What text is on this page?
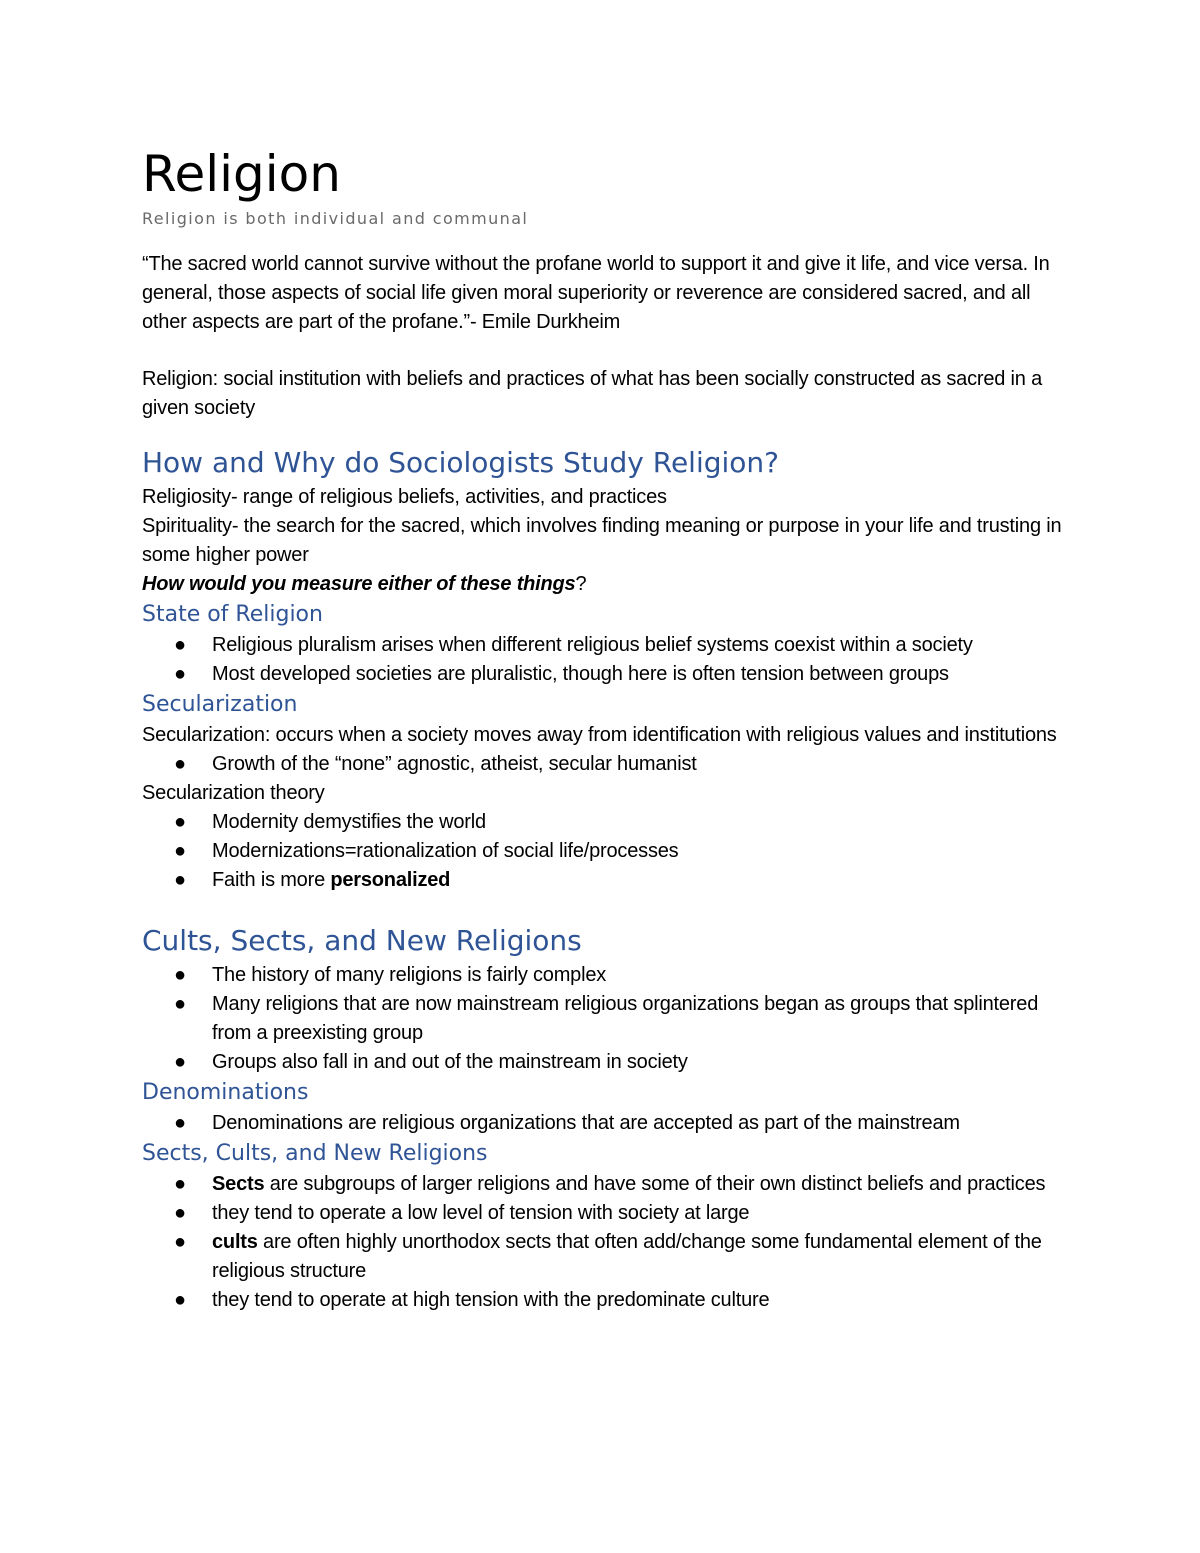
Religion

Religion is both individual and communal

“The sacred world cannot survive without the profane world to support it and give it life, and vice versa. In general, those aspects of social life given moral superiority or reverence are considered sacred, and all other aspects are part of the profane.”- Emile Durkheim

Religion: social institution with beliefs and practices of what has been socially constructed as sacred in a given society

How and Why do Sociologists Study Religion?

Religiosity- range of religious beliefs, activities, and practices

Spirituality- the search for the sacred, which involves finding meaning or purpose in your life and trusting in some higher power

How would you measure either of these things?

State of Religion
● Religious pluralism arises when different religious belief systems coexist within a society
● Most developed societies are pluralistic, though here is often tension between groups
Secularization

Secularization: occurs when a society moves away from identification with religious values and institutions

● Growth of the “none” agnostic, atheist, secular humanist

Secularization theory

● Modernity demystifies the world
● Modernizations=rationalization of social life/processes
● Faith is more personalized
Cults, Sects, and New Religions
● The history of many religions is fairly complex
● Many religions that are now mainstream religious organizations began as groups that splintered from a preexisting group
● Groups also fall in and out of the mainstream in society
Denominations
● Denominations are religious organizations that are accepted as part of the mainstream
Sects, Cults, and New Religions
● Sects are subgroups of larger religions and have some of their own distinct beliefs and practices
● they tend to operate a low level of tension with society at large
● cults are often highly unorthodox sects that often add/change some fundamental element of the religious structure
● they tend to operate at high tension with the predominate culture
